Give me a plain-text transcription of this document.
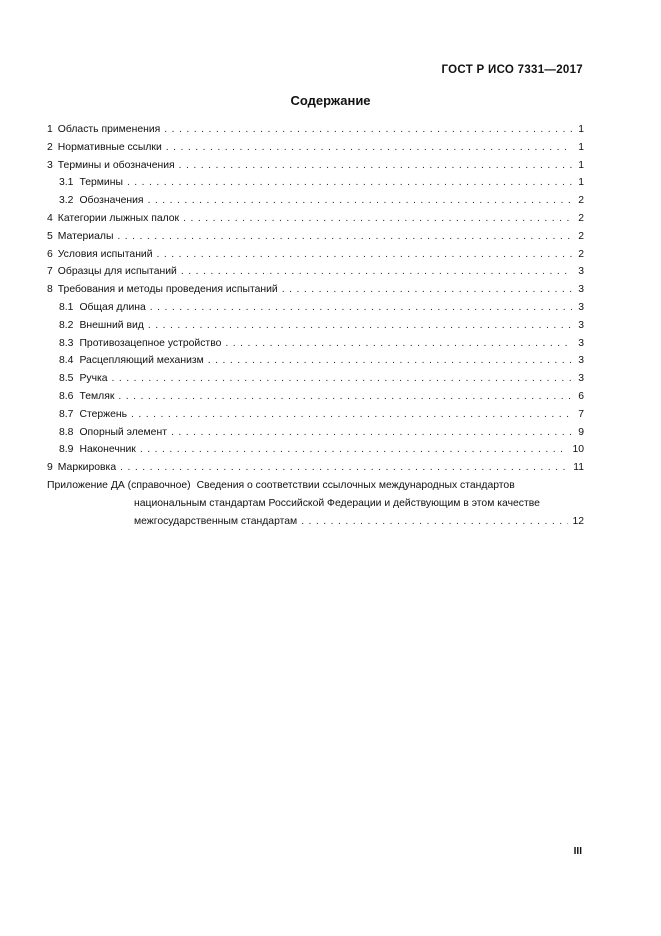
ГОСТ Р ИСО 7331—2017
Содержание
1 Область применения . . .	1
2 Нормативные ссылки . . .	1
3 Термины и обозначения . . .	1
3.1 Термины . . .	1
3.2 Обозначения . . .	2
4 Категории лыжных палок . . .	2
5 Материалы . . .	2
6 Условия испытаний . . .	2
7 Образцы для испытаний . . .	3
8 Требования и методы проведения испытаний . . .	3
8.1 Общая длина . . .	3
8.2 Внешний вид . . .	3
8.3 Противозацепное устройство . . .	3
8.4 Расцепляющий механизм . . .	3
8.5 Ручка . . .	3
8.6 Темляк . . .	6
8.7 Стержень . . .	7
8.8 Опорный элемент . . .	9
8.9 Наконечник . . .	10
9 Маркировка . . .	11
Приложение ДА (справочное) Сведения о соответствии ссылочных международных стандартов
национальным стандартам Российской Федерации и действующим в этом качестве
межгосударственным стандартам . . .	12
III
